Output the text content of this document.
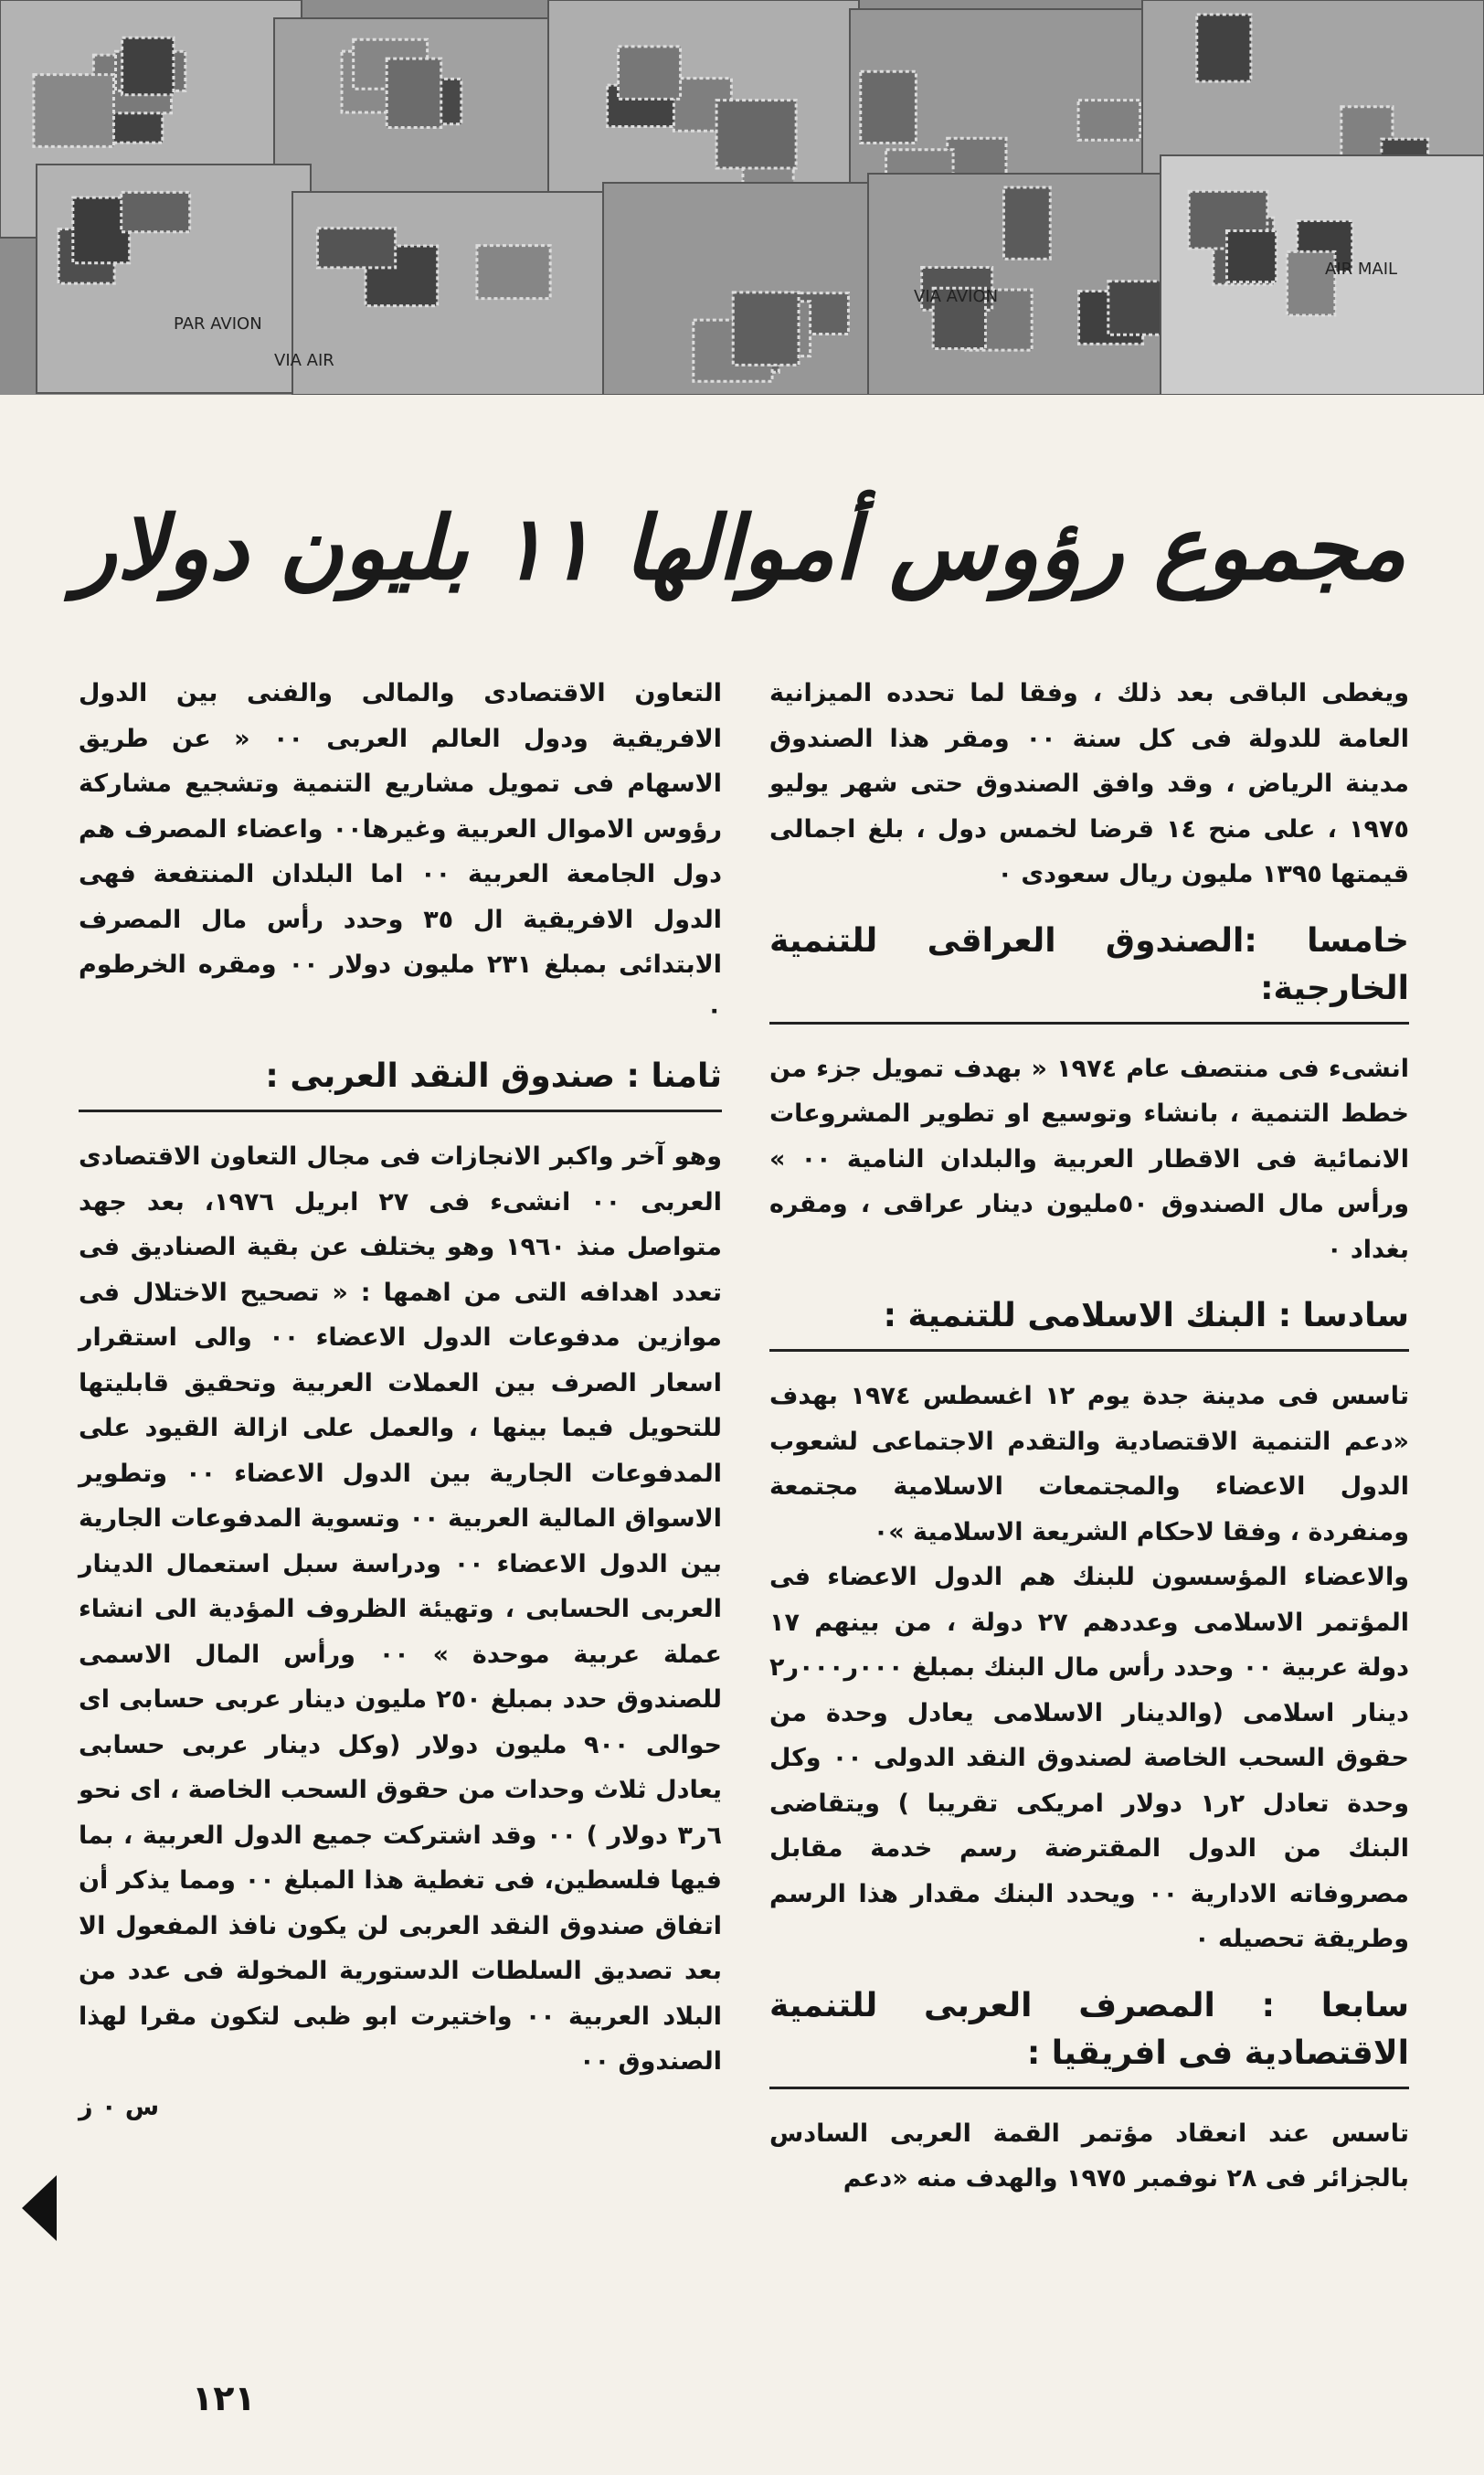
PAR AVION
VIA AIR
AIR MAIL
VIA AVION
مجموع رؤوس أموالها ١١ بليون دولار

ويغطى الباقى بعد ذلك ، وفقا لما تحدده الميزانية العامة للدولة فى كل سنة ٠٠ ومقر هذا الصندوق مدينة الرياض ، وقد وافق الصندوق حتى شهر يوليو ١٩٧٥ ، على منح ١٤ قرضا لخمس دول ، بلغ اجمالى قيمتها ١٣٩٥ مليون ريال سعودى ٠

خامسا :الصندوق العراقى للتنمية الخارجية:

انشىء فى منتصف عام ١٩٧٤ « بهدف تمويل جزء من خطط التنمية ، بانشاء وتوسيع او تطوير المشروعات الانمائية فى الاقطار العربية والبلدان النامية ٠٠ » ورأس مال الصندوق ٥٠مليون دينار عراقى ، ومقره بغداد ٠

سادسا : البنك الاسلامى للتنمية :

تاسس فى مدينة جدة يوم ١٢ اغسطس ١٩٧٤ بهدف «دعم التنمية الاقتصادية والتقدم الاجتماعى لشعوب الدول الاعضاء والمجتمعات الاسلامية مجتمعة ومنفردة ، وفقا لاحكام الشريعة الاسلامية »٠

والاعضاء المؤسسون للبنك هم الدول الاعضاء فى المؤتمر الاسلامى وعددهم ٢٧ دولة ، من بينهم ١٧ دولة عربية ٠٠ وحدد رأس مال البنك بمبلغ ٠٠٠ر٠٠٠ر٢ دينار اسلامى (والدينار الاسلامى يعادل وحدة من حقوق السحب الخاصة لصندوق النقد الدولى ٠٠ وكل وحدة تعادل ٢ر١ دولار امريكى تقريبا ) ويتقاضى البنك من الدول المقترضة رسم خدمة مقابل مصروفاته الادارية ٠٠ ويحدد البنك مقدار هذا الرسم وطريقة تحصيله ٠

سابعا : المصرف العربى للتنمية الاقتصادية فى افريقيا :

تاسس عند انعقاد مؤتمر القمة العربى السادس بالجزائر فى ٢٨ نوفمبر ١٩٧٥ والهدف منه «دعم

التعاون الاقتصادى والمالى والفنى بين الدول الافريقية ودول العالم العربى ٠٠ « عن طريق الاسهام فى تمويل مشاريع التنمية وتشجيع مشاركة رؤوس الاموال العربية وغيرها٠٠ واعضاء المصرف هم دول الجامعة العربية ٠٠ اما البلدان المنتفعة فهى الدول الافريقية ال ٣٥ وحدد رأس مال المصرف الابتدائى بمبلغ ٢٣١ مليون دولار ٠٠ ومقره الخرطوم ٠

ثامنا : صندوق النقد العربى :

وهو آخر واكبر الانجازات فى مجال التعاون الاقتصادى العربى ٠٠ انشىء فى ٢٧ ابريل ١٩٧٦، بعد جهد متواصل منذ ١٩٦٠ وهو يختلف عن بقية الصناديق فى تعدد اهدافه التى من اهمها : « تصحيح الاختلال فى موازين مدفوعات الدول الاعضاء ٠٠ والى استقرار اسعار الصرف بين العملات العربية وتحقيق قابليتها للتحويل فيما بينها ، والعمل على ازالة القيود على المدفوعات الجارية بين الدول الاعضاء ٠٠ وتطوير الاسواق المالية العربية ٠٠ وتسوية المدفوعات الجارية بين الدول الاعضاء ٠٠ ودراسة سبل استعمال الدينار العربى الحسابى ، وتهيئة الظروف المؤدية الى انشاء عملة عربية موحدة » ٠٠ ورأس المال الاسمى للصندوق حدد بمبلغ ٢٥٠ مليون دينار عربى حسابى اى حوالى ٩٠٠ مليون دولار (وكل دينار عربى حسابى يعادل ثلاث وحدات من حقوق السحب الخاصة ، اى نحو ٦ر٣ دولار ) ٠٠ وقد اشتركت جميع الدول العربية ، بما فيها فلسطين، فى تغطية هذا المبلغ ٠٠ ومما يذكر أن اتفاق صندوق النقد العربى لن يكون نافذ المفعول الا بعد تصديق السلطات الدستورية المخولة فى عدد من البلاد العربية ٠٠ واختيرت ابو ظبى لتكون مقرا لهذا الصندوق ٠٠

س ٠ ز

١٢١
